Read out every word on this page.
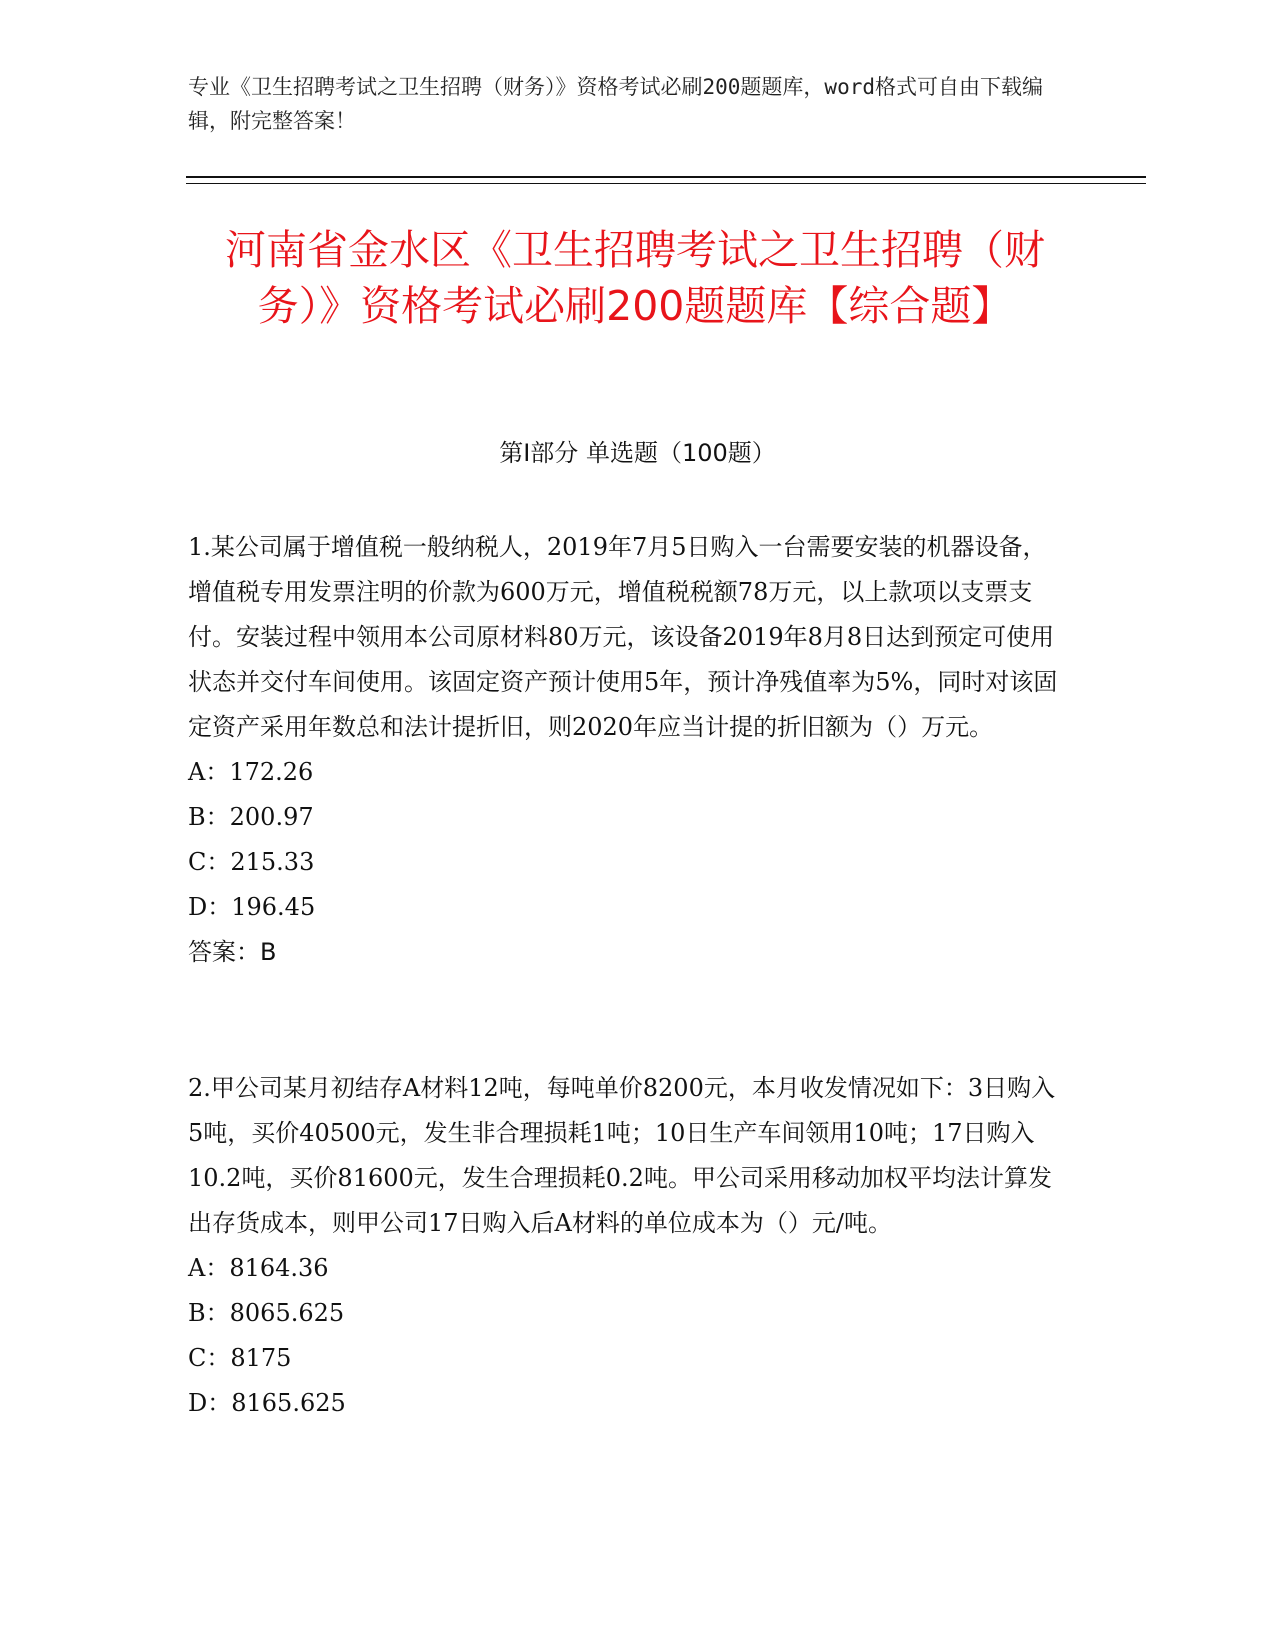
专业《卫生招聘考试之卫生招聘（财务）》资格考试必刷200题题库，word格式可自由下载编辑，附完整答案！
河南省金水区《卫生招聘考试之卫生招聘（财务）》资格考试必刷200题题库【综合题】
第Ⅰ部分 单选题（100题）
1.某公司属于增值税一般纳税人，2019年7月5日购入一台需要安装的机器设备，增值税专用发票注明的价款为600万元，增值税税额78万元，以上款项以支票支付。安装过程中领用本公司原材料80万元，该设备2019年8月8日达到预定可使用状态并交付车间使用。该固定资产预计使用5年，预计净残值率为5%，同时对该固定资产采用年数总和法计提折旧，则2020年应当计提的折旧额为（）万元。
A：172.26
B：200.97
C：215.33
D：196.45
答案：B
2.甲公司某月初结存A材料12吨，每吨单价8200元，本月收发情况如下：3日购入5吨，买价40500元，发生非合理损耗1吨；10日生产车间领用10吨；17日购入10.2吨，买价81600元，发生合理损耗0.2吨。甲公司采用移动加权平均法计算发出存货成本，则甲公司17日购入后A材料的单位成本为（）元/吨。
A：8164.36
B：8065.625
C：8175
D：8165.625
